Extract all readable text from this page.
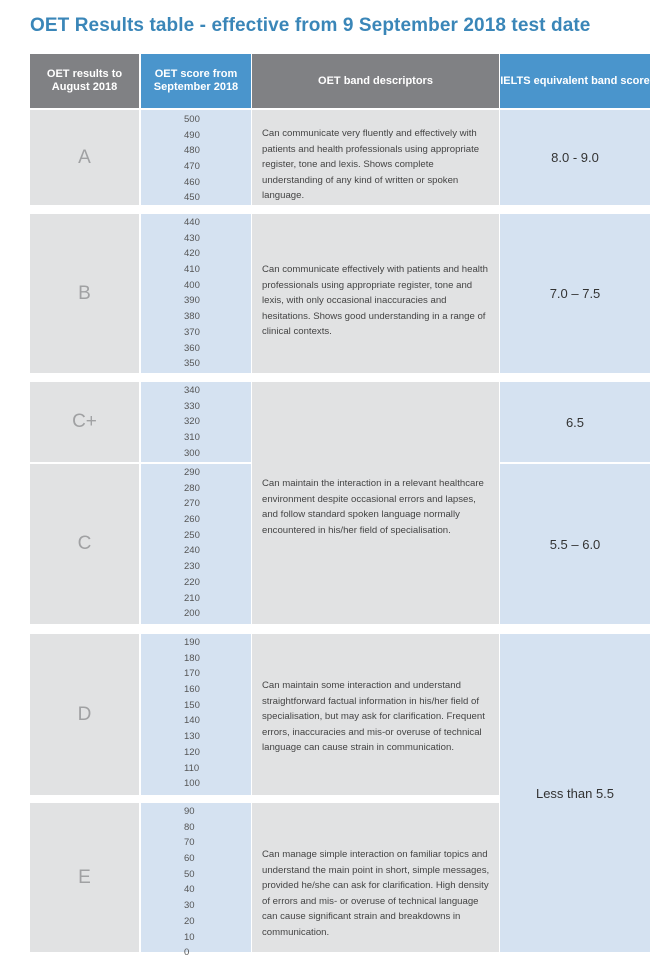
OET Results table - effective from 9 September 2018 test date
OET results to August 2018
OET score from September 2018
OET band descriptors	IELTS equivalent band score
A
500
490
480
470
460
450
Can communicate very fluently and effectively with patients and health professionals using appropriate register, tone and lexis. Shows complete understanding of any kind of written or spoken language.
8.0 - 9.0
B
440
430
420
410
400
390
380
370
360
350
Can communicate effectively with patients and health professionals using appropriate register, tone and lexis, with only occasional inaccuracies and hesitations. Shows good understanding in a range of clinical contexts.
7.0 – 7.5
C+
340
330
320
310
300
6.5
C
290
280
270
260
250
240
230
220
210
200
5.5 – 6.0
Can maintain the interaction in a relevant healthcare environment despite occasional errors and lapses, and follow standard spoken language normally encountered in his/her field of specialisation.
D
190
180
170
160
150
140
130
120
110
100
Can maintain some interaction and understand straightforward factual information in his/her field of specialisation, but may ask for clarification. Frequent errors, inaccuracies and mis-or overuse of technical language can cause strain in communication.
E
90
80
70
60
50
40
30
20
10
0
Can manage simple interaction on familiar topics and understand the main point in short, simple messages, provided he/she can ask for clarification. High density of errors and mis- or overuse of technical language can cause significant strain and breakdowns in communication.
Less than 5.5
